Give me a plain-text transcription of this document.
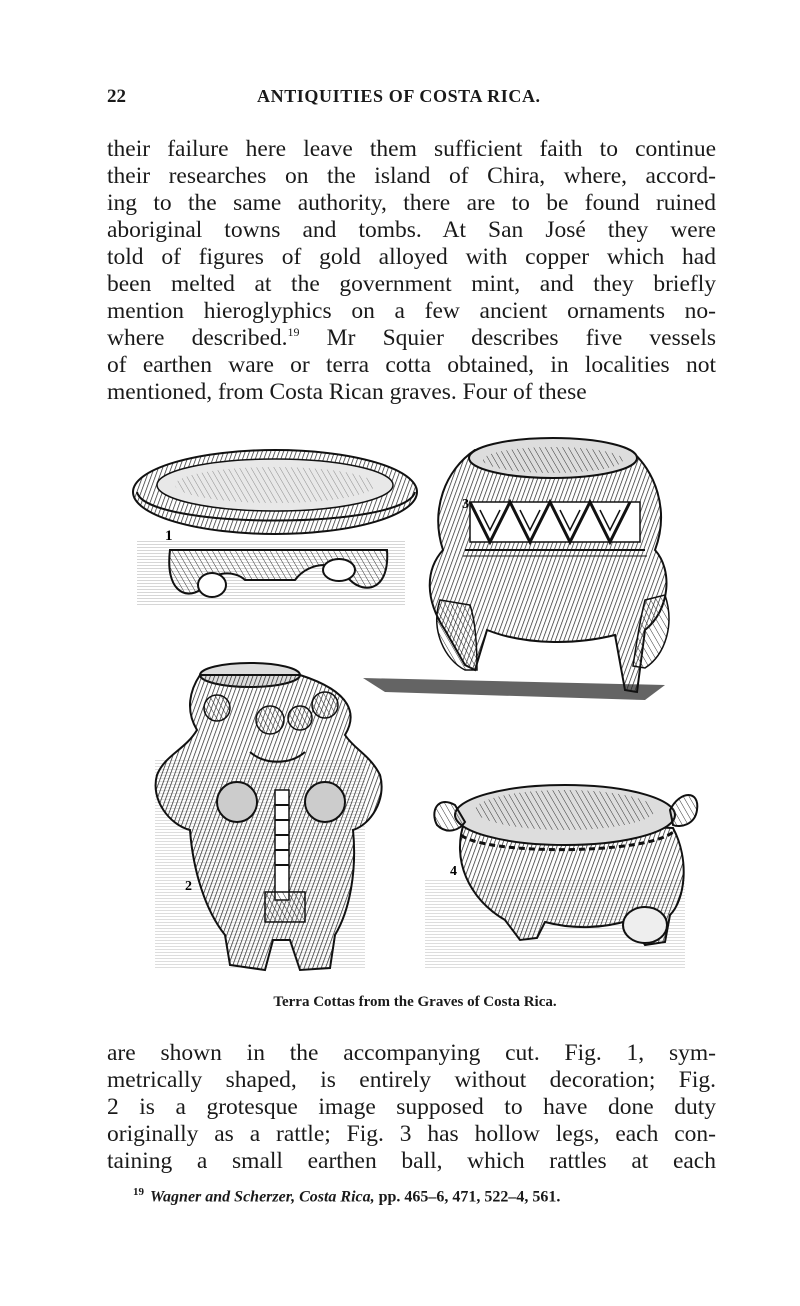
22	ANTIQUITIES OF COSTA RICA.
their failure here leave them sufficient faith to continue
their researches on the island of Chira, where, accord-
ing to the same authority, there are to be found ruined
aboriginal towns and tombs. At San José they were
told of figures of gold alloyed with copper which had
been melted at the government mint, and they briefly
mention hieroglyphics on a few ancient ornaments no-
where described.$^{19}$ Mr Squier describes five vessels
of earthen ware or terra cotta obtained, in localities not
mentioned, from Costa Rican graves. Four of these
1
3
2
4
Terra Cottas from the Graves of Costa Rica.
are shown in the accompanying cut. Fig. 1, sym-
metrically shaped, is entirely without decoration; Fig.
2 is a grotesque image supposed to have done duty
originally as a rattle; Fig. 3 has hollow legs, each con-
taining a small earthen ball, which rattles at each
$^{19}$ Wagner and Scherzer, Costa Rica, pp. 465–6, 471, 522–4, 561.
